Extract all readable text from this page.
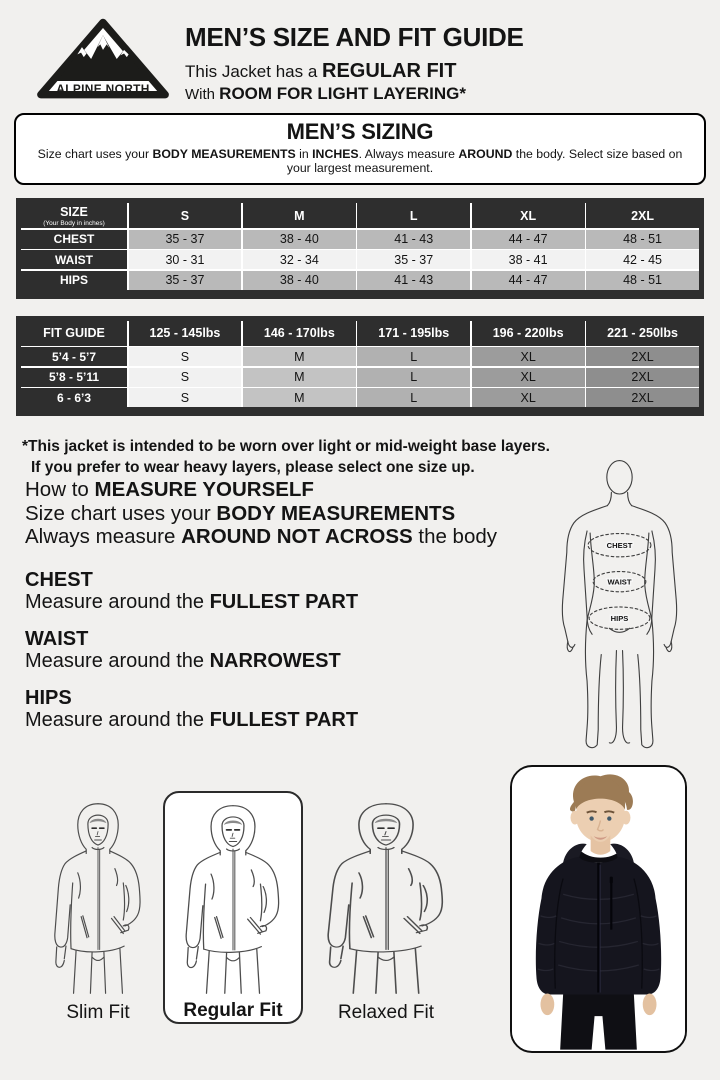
ALPINE NORTH
MEN’S SIZE AND FIT GUIDE
This Jacket has a REGULAR FIT
With ROOM FOR LIGHT LAYERING*
MEN’S SIZING
Size chart uses your BODY MEASUREMENTS in INCHES. Always measure AROUND the body. Select size based on your largest measurement.
SIZE
(Your Body in inches)
S	M	L	XL	2XL
CHEST	35 - 37	38 - 40	41 - 43	44 - 47	48 - 51
WAIST	30 - 31	32 - 34	35 - 37	38 - 41	42 - 45
HIPS	35 - 37	38 - 40	41 - 43	44 - 47	48 - 51
FIT GUIDE	125 - 145lbs	146 - 170lbs	171 - 195lbs	196 - 220lbs	221 - 250lbs
5’4 - 5’7	S	M	L	XL	2XL
5’8 - 5’11	S	M	L	XL	2XL
6 - 6’3	S	M	L	XL	2XL
*This jacket is intended to be worn over light or mid-weight base layers.
If you prefer to wear heavy layers, please select one size up.
How to MEASURE YOURSELF
Size chart uses your BODY MEASUREMENTS
Always measure AROUND NOT ACROSS the body
CHEST
Measure around the FULLEST PART
WAIST
Measure around the NARROWEST
HIPS
Measure around the FULLEST PART
CHEST
WAIST
HIPS
Slim Fit	Regular Fit	Relaxed Fit
